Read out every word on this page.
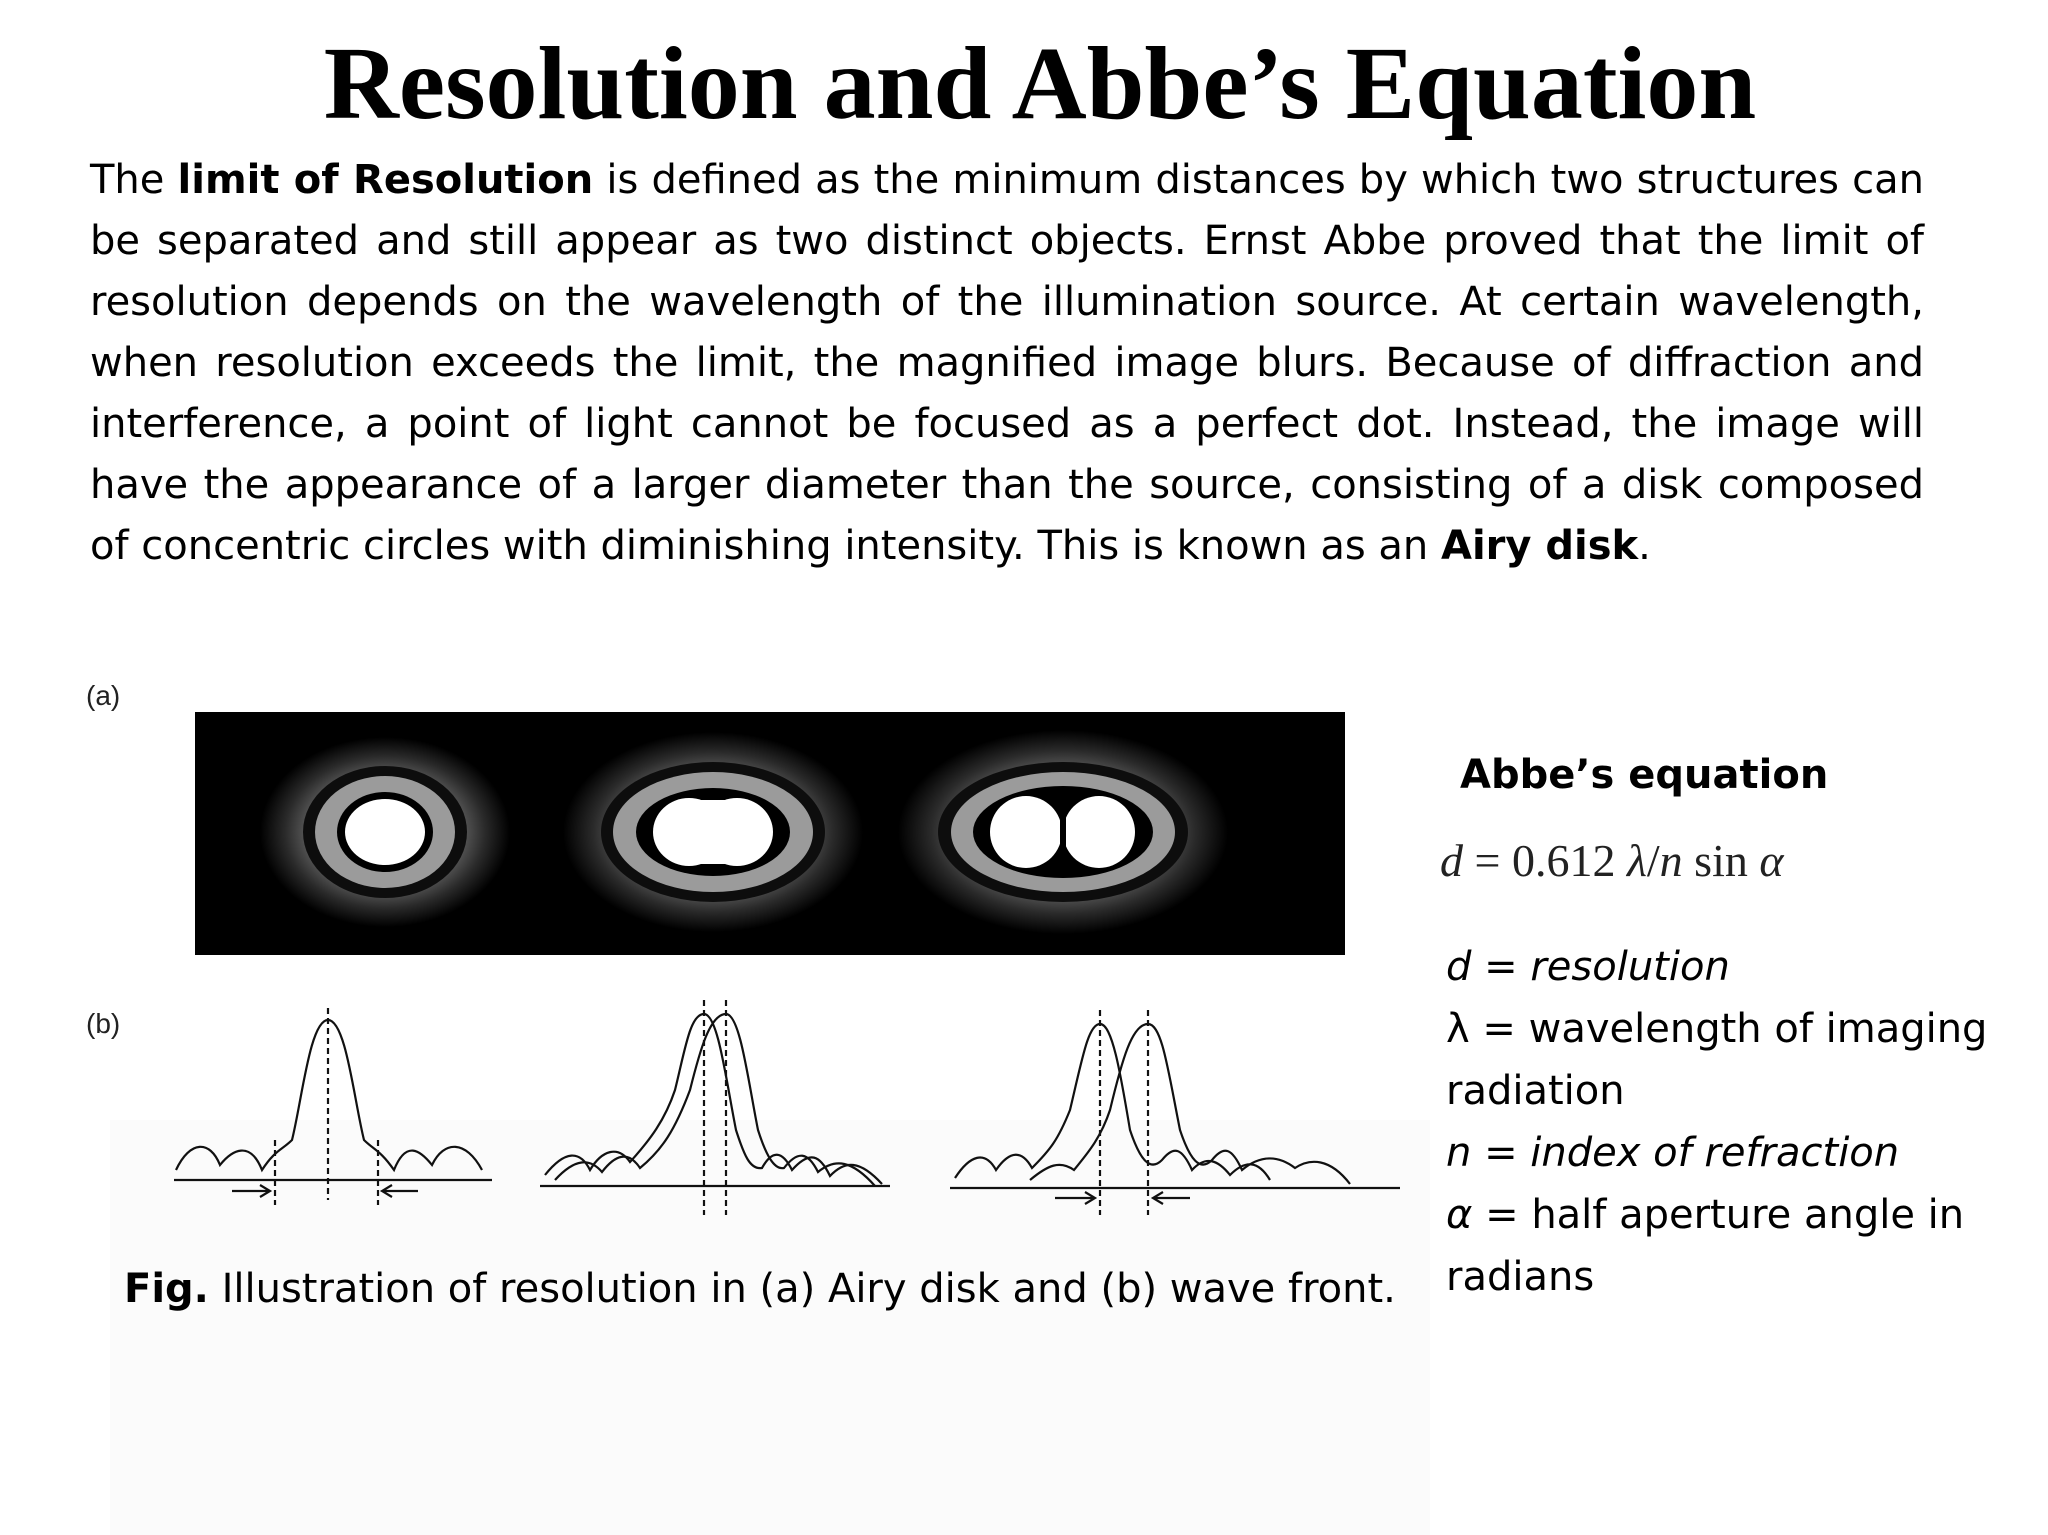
Resolution and Abbe’s Equation

The limit of Resolution is defined as the minimum distances by which two structures can be separated and still appear as two distinct objects. Ernst Abbe proved that the limit of resolution depends on the wavelength of the illumination source. At certain wavelength, when resolution exceeds the limit, the magnified image blurs. Because of diffraction and interference, a point of light cannot be focused as a perfect dot. Instead, the image will have the appearance of a larger diameter than the source, consisting of a disk composed of concentric circles with diminishing intensity. This is known as an Airy disk.

(a)
(b)
Fig. Illustration of resolution in (a) Airy disk and (b) wave front.
Abbe’s equation
d = 0.612 λ/n sin α
d = resolution
λ = wavelength of imaging radiation
n = index of refraction
α = half aperture angle in radians
